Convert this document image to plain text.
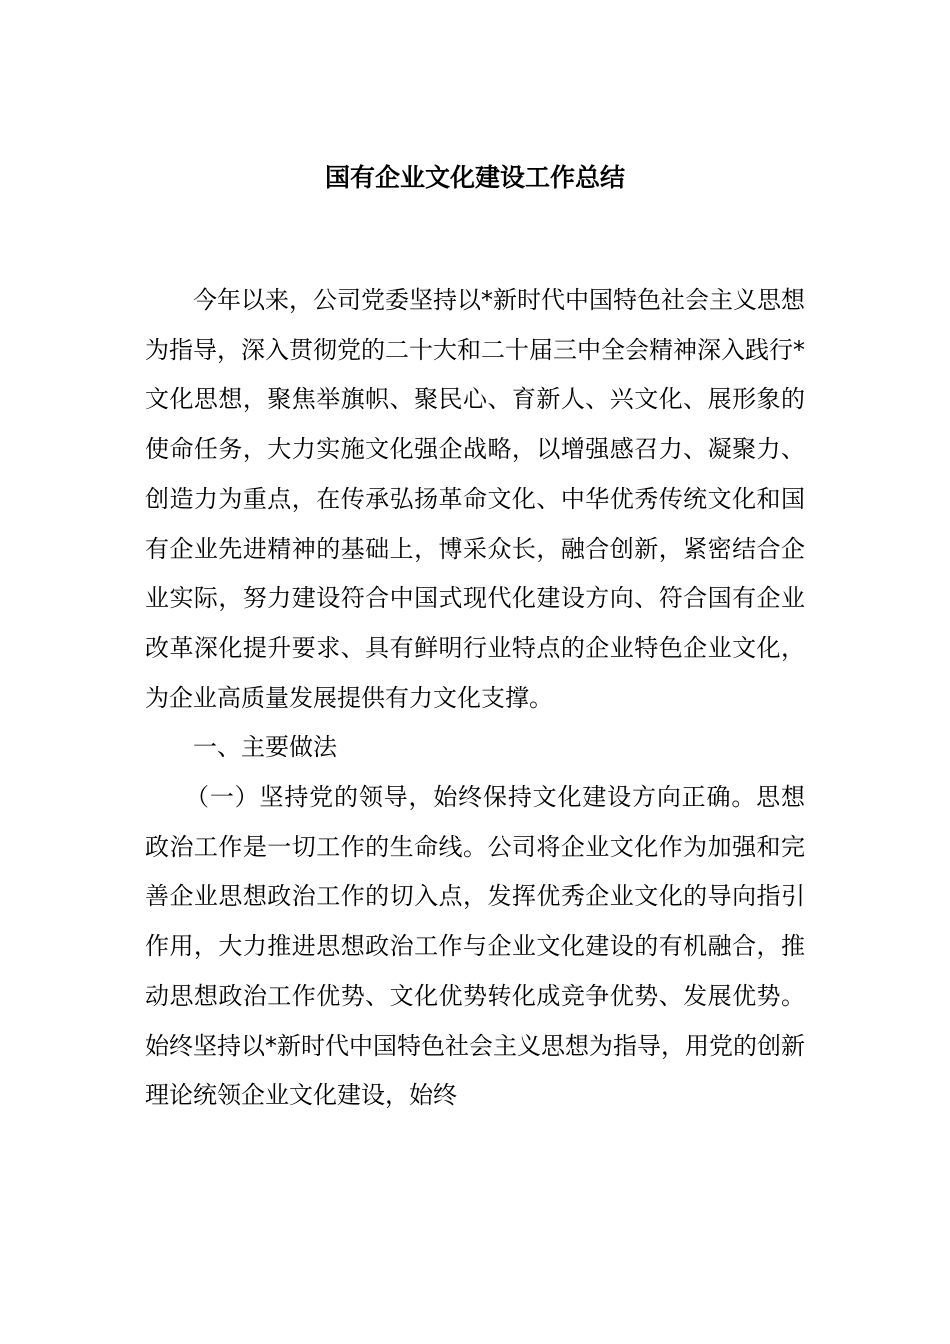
国有企业文化建设工作总结

今年以来，公司党委坚持以*新时代中国特色社会主义思想为指导，深入贯彻党的二十大和二十届三中全会精神深入践行*文化思想，聚焦举旗帜、聚民心、育新人、兴文化、展形象的使命任务，大力实施文化强企战略，以增强感召力、凝聚力、创造力为重点，在传承弘扬革命文化、中华优秀传统文化和国有企业先进精神的基础上，博采众长，融合创新，紧密结合企业实际，努力建设符合中国式现代化建设方向、符合国有企业改革深化提升要求、具有鲜明行业特点的企业特色企业文化，为企业高质量发展提供有力文化支撑。

一、主要做法

（一）坚持党的领导，始终保持文化建设方向正确。思想政治工作是一切工作的生命线。公司将企业文化作为加强和完善企业思想政治工作的切入点，发挥优秀企业文化的导向指引作用，大力推进思想政治工作与企业文化建设的有机融合，推动思想政治工作优势、文化优势转化成竞争优势、发展优势。始终坚持以*新时代中国特色社会主义思想为指导，用党的创新理论统领企业文化建设，始终
